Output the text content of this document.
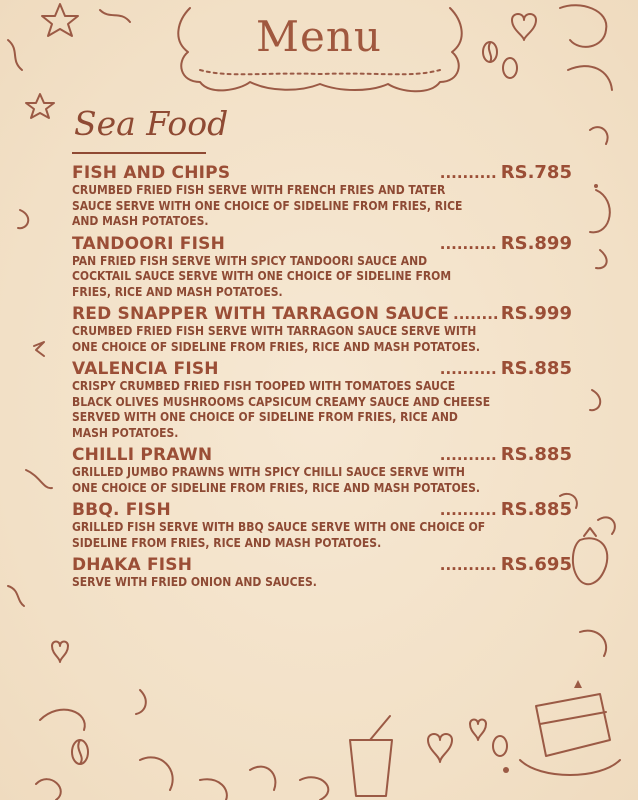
Menu
Sea Food
FISH AND CHIPS	.......... RS.785
CRUMBED FRIED FISH SERVE WITH FRENCH FRIES AND TATER SAUCE SERVE WITH ONE CHOICE OF SIDELINE FROM FRIES, RICE AND MASH POTATOES.
TANDOORI FISH	.......... RS.899
PAN FRIED FISH SERVE WITH SPICY TANDOORI SAUCE AND COCKTAIL SAUCE SERVE WITH ONE CHOICE OF SIDELINE FROM FRIES, RICE AND MASH POTATOES.
RED SNAPPER WITH TARRAGON SAUCE ........ RS.999
CRUMBED FRIED FISH SERVE WITH TARRAGON SAUCE SERVE WITH ONE CHOICE OF SIDELINE FROM FRIES, RICE AND MASH POTATOES.
VALENCIA FISH	.......... RS.885
CRISPY CRUMBED FRIED FISH TOOPED WITH TOMATOES SAUCE BLACK OLIVES MUSHROOMS CAPSICUM CREAMY SAUCE AND CHEESE SERVED WITH ONE CHOICE OF SIDELINE FROM FRIES, RICE AND MASH POTATOES.
CHILLI PRAWN	.......... RS.885
GRILLED JUMBO PRAWNS WITH SPICY CHILLI SAUCE SERVE WITH ONE CHOICE OF SIDELINE FROM FRIES, RICE AND MASH POTATOES.
BBQ. FISH	.......... RS.885
GRILLED FISH SERVE WITH BBQ SAUCE SERVE WITH ONE CHOICE OF SIDELINE FROM FRIES, RICE AND MASH POTATOES.
DHAKA FISH	.......... RS.695
SERVE WITH FRIED ONION AND SAUCES.
